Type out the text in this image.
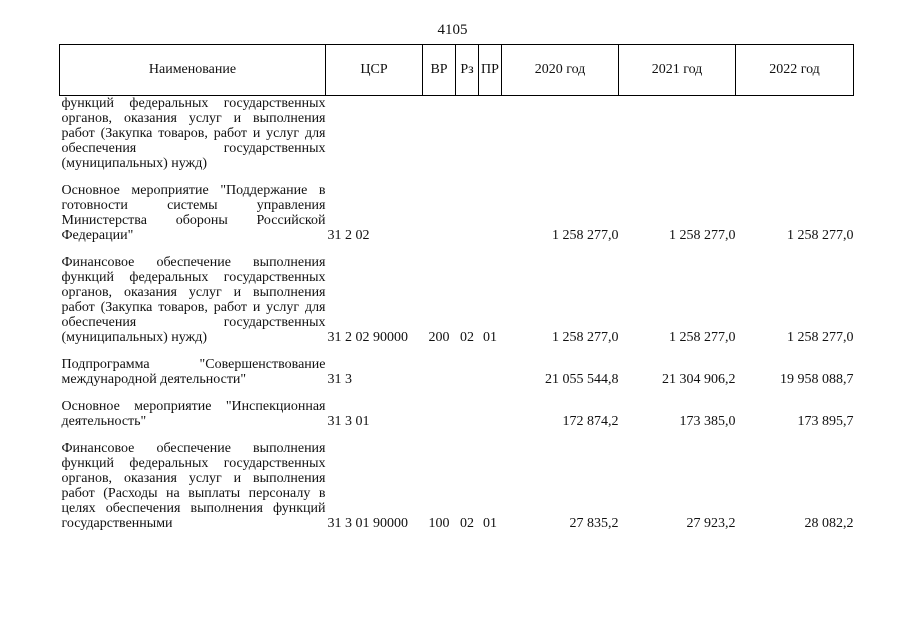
4105
Наименование	ЦСР	ВР	Рз	ПР	2020 год	2021 год	2022 год
функций федеральных государственных органов, оказания услуг и выполнения работ (Закупка товаров, работ и услуг для обеспечения государственных (муниципальных) нужд)							

Основное мероприятие "Поддержание в готовности системы управления Министерства обороны Российской Федерации"	31 2 02				1 258 277,0	1 258 277,0	1 258 277,0

Финансовое обеспечение выполнения функций федеральных государственных органов, оказания услуг и выполнения работ (Закупка товаров, работ и услуг для обеспечения государственных (муниципальных) нужд)	31 2 02 90000	200	02	01	1 258 277,0	1 258 277,0	1 258 277,0

Подпрограмма "Совершенствование международной деятельности"	31 3				21 055 544,8	21 304 906,2	19 958 088,7

Основное мероприятие "Инспекционная деятельность"	31 3 01				172 874,2	173 385,0	173 895,7

Финансовое обеспечение выполнения функций федеральных государственных органов, оказания услуг и выполнения работ (Расходы на выплаты персоналу в целях обеспечения выполнения функций государственными	31 3 01 90000	100	02	01	27 835,2	27 923,2	28 082,2
